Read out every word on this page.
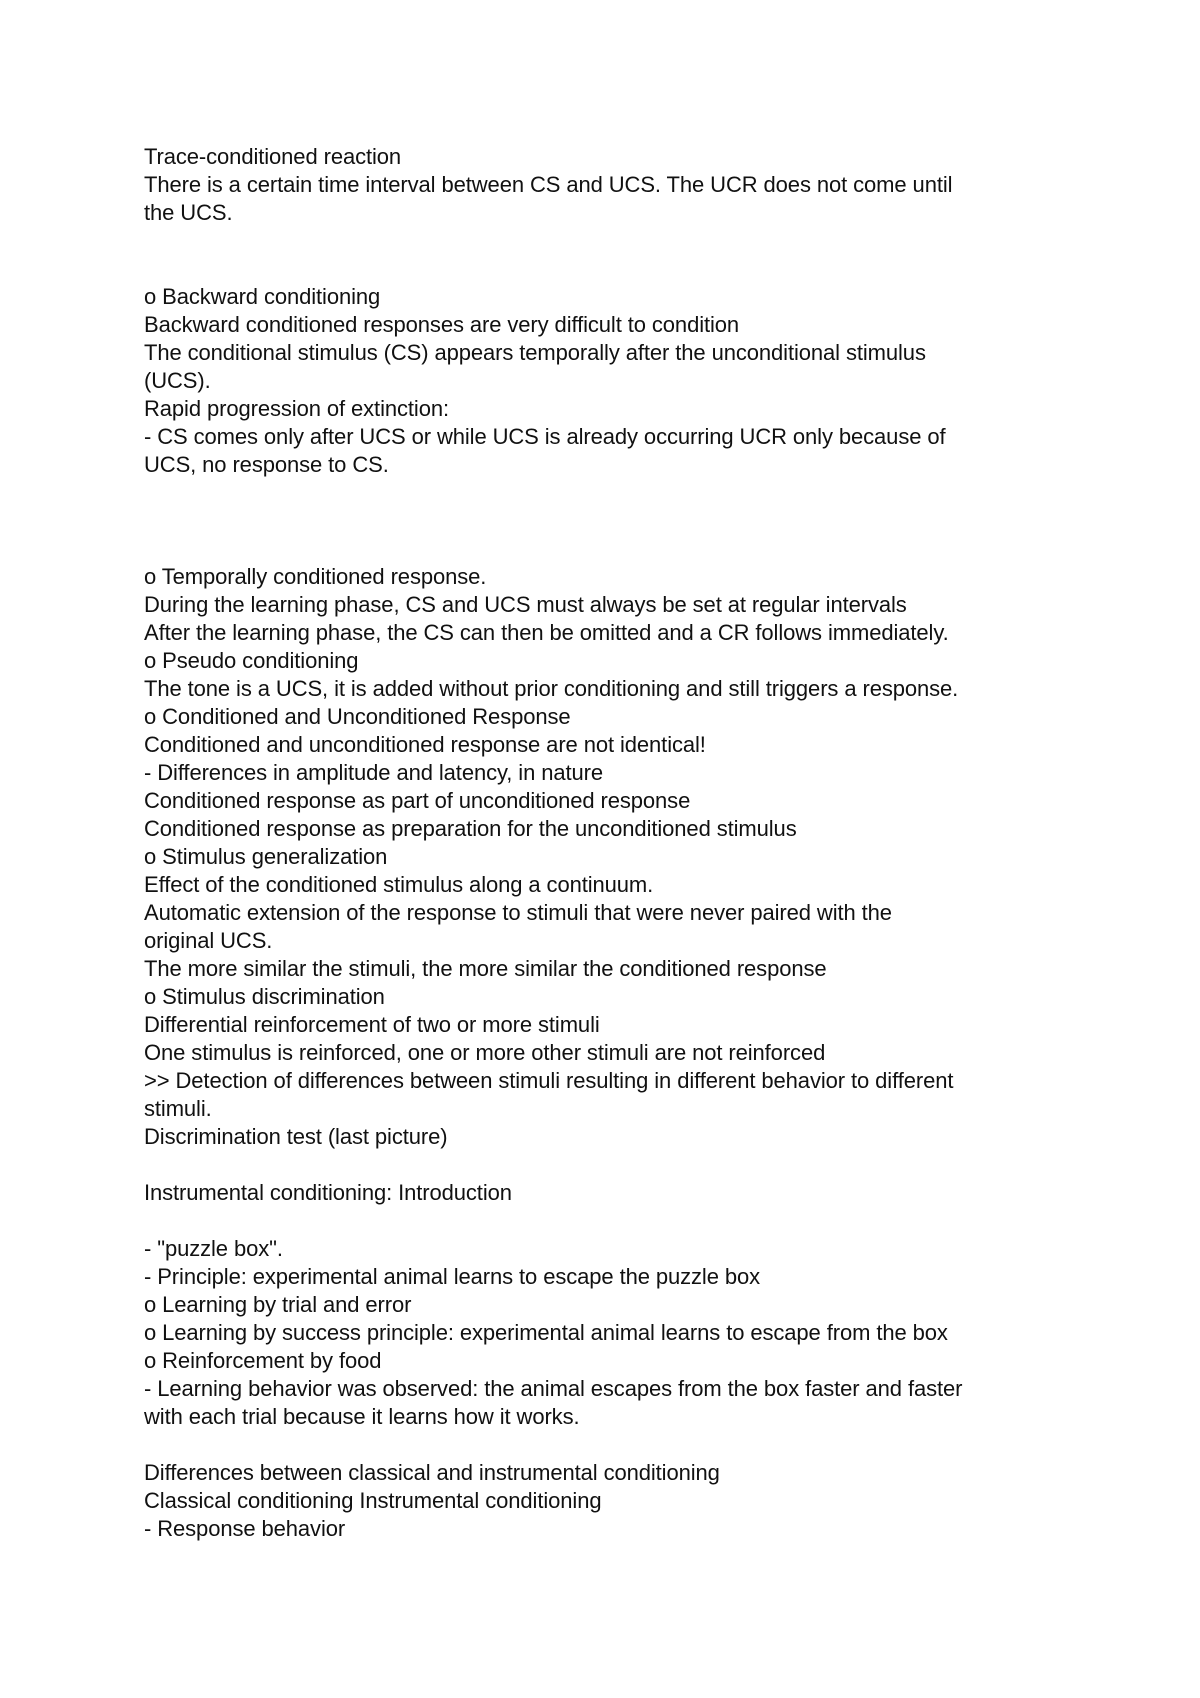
Trace-conditioned reaction
There is a certain time interval between CS and UCS. The UCR does not come until
the UCS.
o Backward conditioning
Backward conditioned responses are very difficult to condition
The conditional stimulus (CS) appears temporally after the unconditional stimulus
(UCS).
Rapid progression of extinction:
- CS comes only after UCS or while UCS is already occurring UCR only because of
UCS, no response to CS.
o Temporally conditioned response.
During the learning phase, CS and UCS must always be set at regular intervals
After the learning phase, the CS can then be omitted and a CR follows immediately.
o Pseudo conditioning
The tone is a UCS, it is added without prior conditioning and still triggers a response.
o Conditioned and Unconditioned Response
Conditioned and unconditioned response are not identical!
- Differences in amplitude and latency, in nature
Conditioned response as part of unconditioned response
Conditioned response as preparation for the unconditioned stimulus
o Stimulus generalization
Effect of the conditioned stimulus along a continuum.
Automatic extension of the response to stimuli that were never paired with the
original UCS.
The more similar the stimuli, the more similar the conditioned response
o Stimulus discrimination
Differential reinforcement of two or more stimuli
One stimulus is reinforced, one or more other stimuli are not reinforced
>> Detection of differences between stimuli resulting in different behavior to different
stimuli.
Discrimination test (last picture)
Instrumental conditioning: Introduction
- "puzzle box".
- Principle: experimental animal learns to escape the puzzle box
o Learning by trial and error
o Learning by success principle: experimental animal learns to escape from the box
o Reinforcement by food
- Learning behavior was observed: the animal escapes from the box faster and faster
with each trial because it learns how it works.
Differences between classical and instrumental conditioning
Classical conditioning Instrumental conditioning
- Response behavior
